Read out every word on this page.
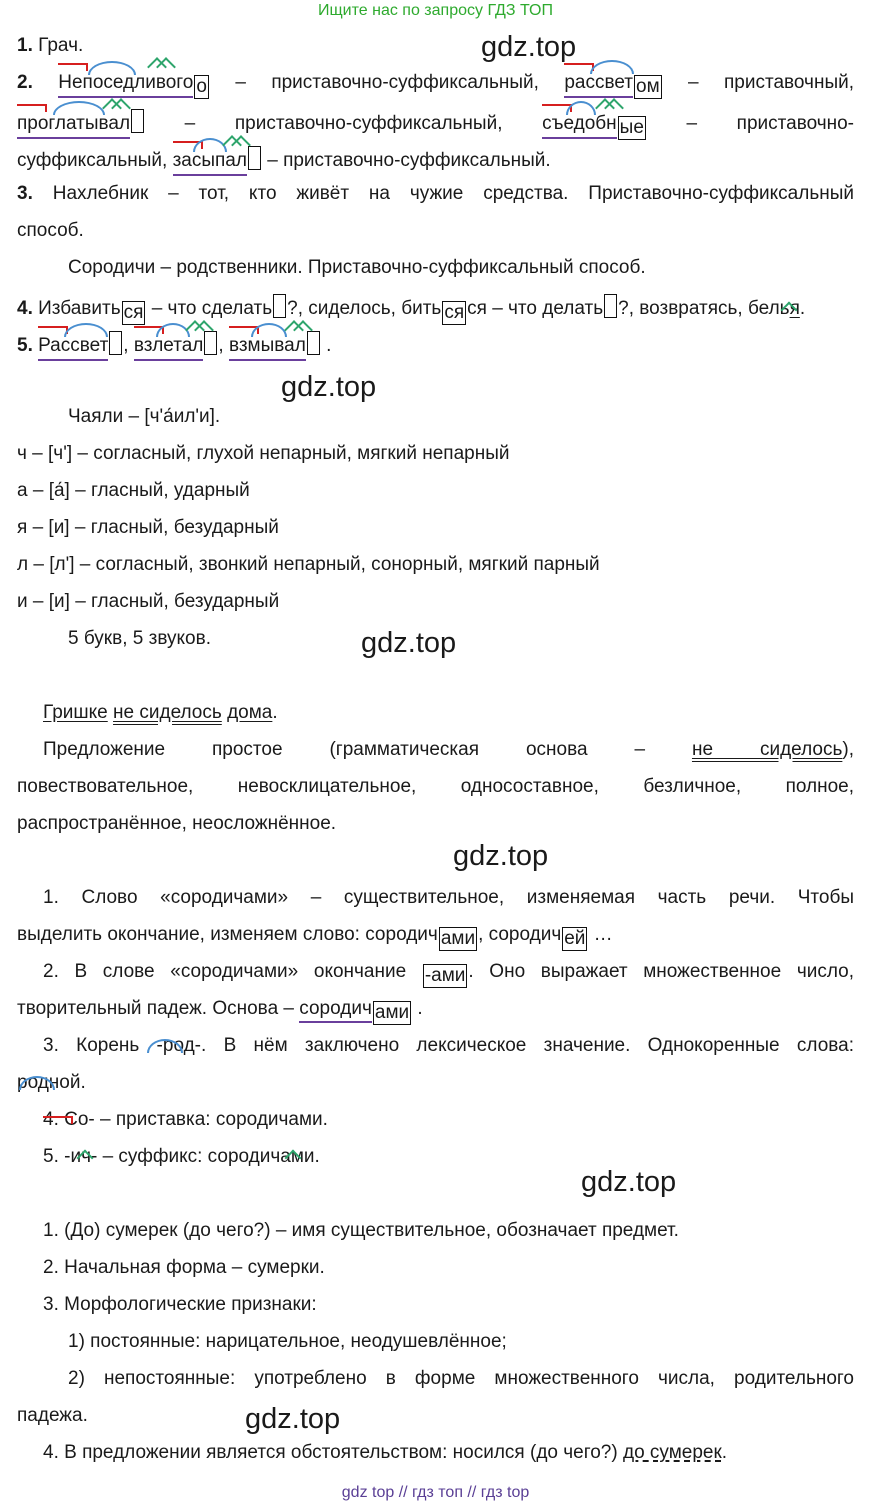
Ищите нас по запросу ГДЗ ТОП
gdz.top
gdz.top
gdz.top
gdz.top
gdz.top
gdz.top
1. Грач.
2. Непоседливого о – приставочно-суффиксальный,
рассвет ом – приставочный,
проглатывал – приставочно-суффиксальный,
съедобн ые – приставочно-
суффиксальный,
засыпал – приставочно-суффиксальный.
3. Нахлебник – тот, кто живёт на чужие средства. Приставочно-суффиксальный
способ.
Сородичи – родственники. Приставочно-суффиксальный способ.
4. Избавить ся – что сделать ?, сиделось, бить ся ся – что делать ?, возвратясь, белья.
5. Рассвет ,
взлетал ,
взмывал .
Чаяли – [ч'а́ил'и].
ч – [ч'] – согласный, глухой непарный, мягкий непарный
а – [а́] – гласный, ударный
я – [и] – гласный, безударный
л – [л'] – согласный, звонкий непарный, сонорный, мягкий парный
и – [и] – гласный, безударный
5 букв, 5 звуков.
Гришке не сиделось дома.
Предложение простое (грамматическая основа – не сиделось),
повествовательное, невосклицательное, односоставное, безличное, полное,
распространённое, неосложнённое.
1. Слово «сородичами» – существительное, изменяемая часть речи. Чтобы
выделить окончание, изменяем слово: сородич ами , сородич ей …
2. В слове «сородичами» окончание -ами . Оно выражает множественное число,
творительный падеж. Основа – сородич ами .
3. Корень -род-. В нём заключено лексическое значение. Однокоренные слова:
родной.
4. Со- – приставка: сородичами.
5. -ич- – суффикс: сородичами.
1. (До) сумерек (до чего?) – имя существительное, обозначает предмет.
2. Начальная форма – сумерки.
3. Морфологические признаки:
1) постоянные: нарицательное, неодушевлённое;
2) непостоянные: употреблено в форме множественного числа, родительного
падежа.
4. В предложении является обстоятельством: носился (до чего?) до сумерек.
gdz top // гдз топ // гдз top
